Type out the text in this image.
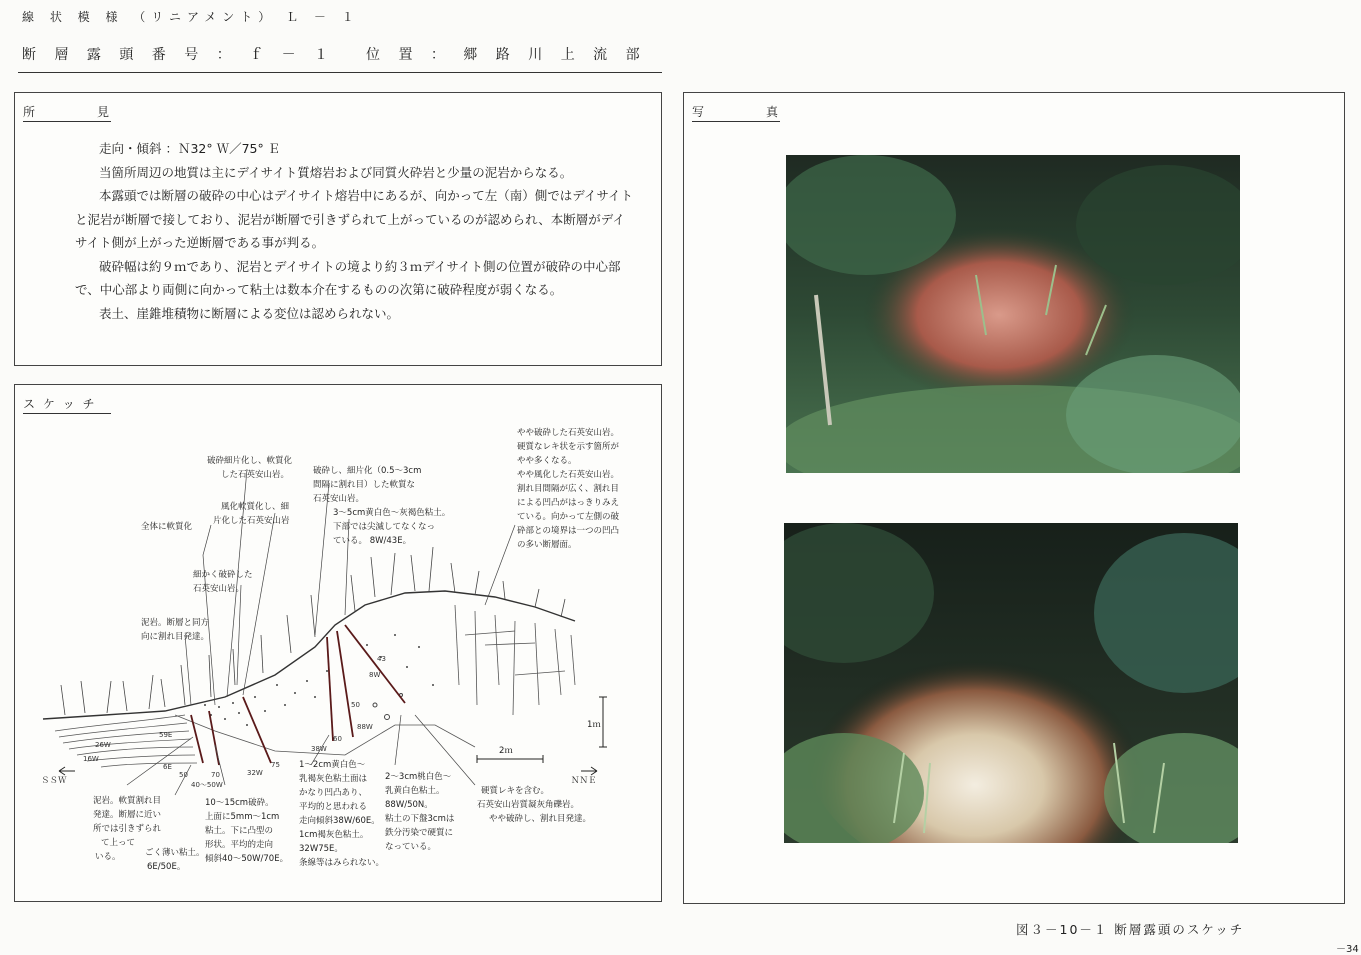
線 状 模 様 （リニアメント） Ｌ － １
断 層 露 頭 番 号 ： ｆ － １ 位 置 ： 郷 路 川 上 流 部
所	見

走向・傾斜 ：Ｎ32° Ｗ／75° Ｅ

当箇所周辺の地質は主にデイサイト質熔岩および同質火砕岩と少量の泥岩からなる。

本露頭では断層の破砕の中心はデイサイト熔岩中にあるが、向かって左（南）側ではデイサイトと泥岩が断層で接しており、泥岩が断層で引きずられて上がっているのが認められ、本断層がデイサイト側が上がった逆断層である事が判る。

破砕幅は約９ｍであり、泥岩とデイサイトの境より約３ｍデイサイト側の位置が破砕の中心部で、中心部より両側に向かって粘土は数本介在するものの次第に破砕程度が弱くなる。

表土、崖錐堆積物に断層による変位は認められない。

ス ケ ッ チ
ＳＳＷ	ＮＮＥ
2ｍ
1ｍ
26W
16W
59E
6E
50
40～50W
70	32W
75
38W
60
50
88W
43
8W
破砕細片化し、軟質化
した石英安山岩。	破砕し、細片化（0.5～3cm
間隔に割れ目）した軟質な
石英安山岩。
風化軟質化し、細
片化した石英安山岩
全体に軟質化
3～5cm黄白色～灰褐色粘土。
下部では尖滅してなくなっ
ている。 8W/43E。
細かく破砕した
石英安山岩。
泥岩。断層と同方
向に割れ目発達。
やや破砕した石英安山岩。
硬質なレキ状を示す箇所が
やや多くなる。
やや風化した石英安山岩。
割れ目間隔が広く、割れ目
による凹凸がはっきりみえ
ている。向かって左側の破
砕部との境界は一つの凹凸
の多い断層面。
泥岩。軟質割れ目
発達。断層に近い
所では引きずられ
て上って
いる。
10～15cm破砕。
上面に5mm～1cm
粘土。下に凸型の
形状。平均的走向
傾斜40～50W/70E。
ごく薄い粘土。
6E/50E。
1～2cm黄白色～
乳褐灰色粘土面は
かなり凹凸あり、
平均的と思われる
走向傾斜38W/60E。
1cm褐灰色粘土。
32W75E。
条線等はみられない。
2～3cm桃白色～
乳黄白色粘土。
88W/50N。
粘土の下盤3cmは
鉄分汚染で硬質に
なっている。
硬質レキを含む。
石英安山岩質凝灰角礫岩。
やや破砕し、割れ目発達。
写	真
図３－10－１ 断層露頭のスケッチ
－34
